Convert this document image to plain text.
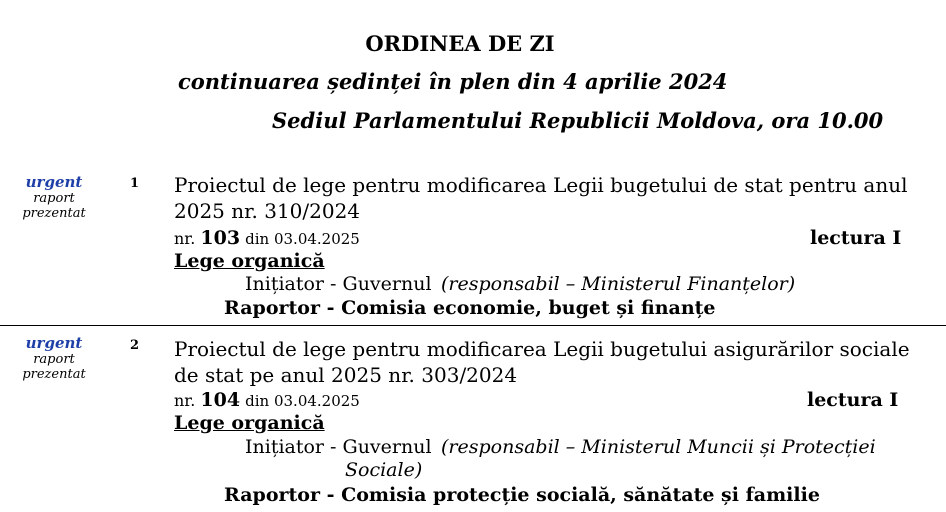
ORDINEA DE ZI
continuarea ședinței în plen din 4 aprilie 2024
Sediul Parlamentului Republicii Moldova, ora 10.00
urgent
raport
prezentat
1 Proiectul de lege pentru modificarea Legii bugetului de stat pentru anul 2025 nr. 310/2024
nr. 103 din 03.04.2025	lectura I
Lege organică
Inițiator - Guvernul (responsabil – Ministerul Finanțelor)
Raportor - Comisia economie, buget și finanțe
urgent
raport
prezentat
2 Proiectul de lege pentru modificarea Legii bugetului asigurărilor sociale de stat pe anul 2025 nr. 303/2024
nr. 104 din 03.04.2025	lectura I
Lege organică
Inițiator - Guvernul (responsabil – Ministerul Muncii și Protecției
Sociale)
Raportor - Comisia protecție socială, sănătate și familie
